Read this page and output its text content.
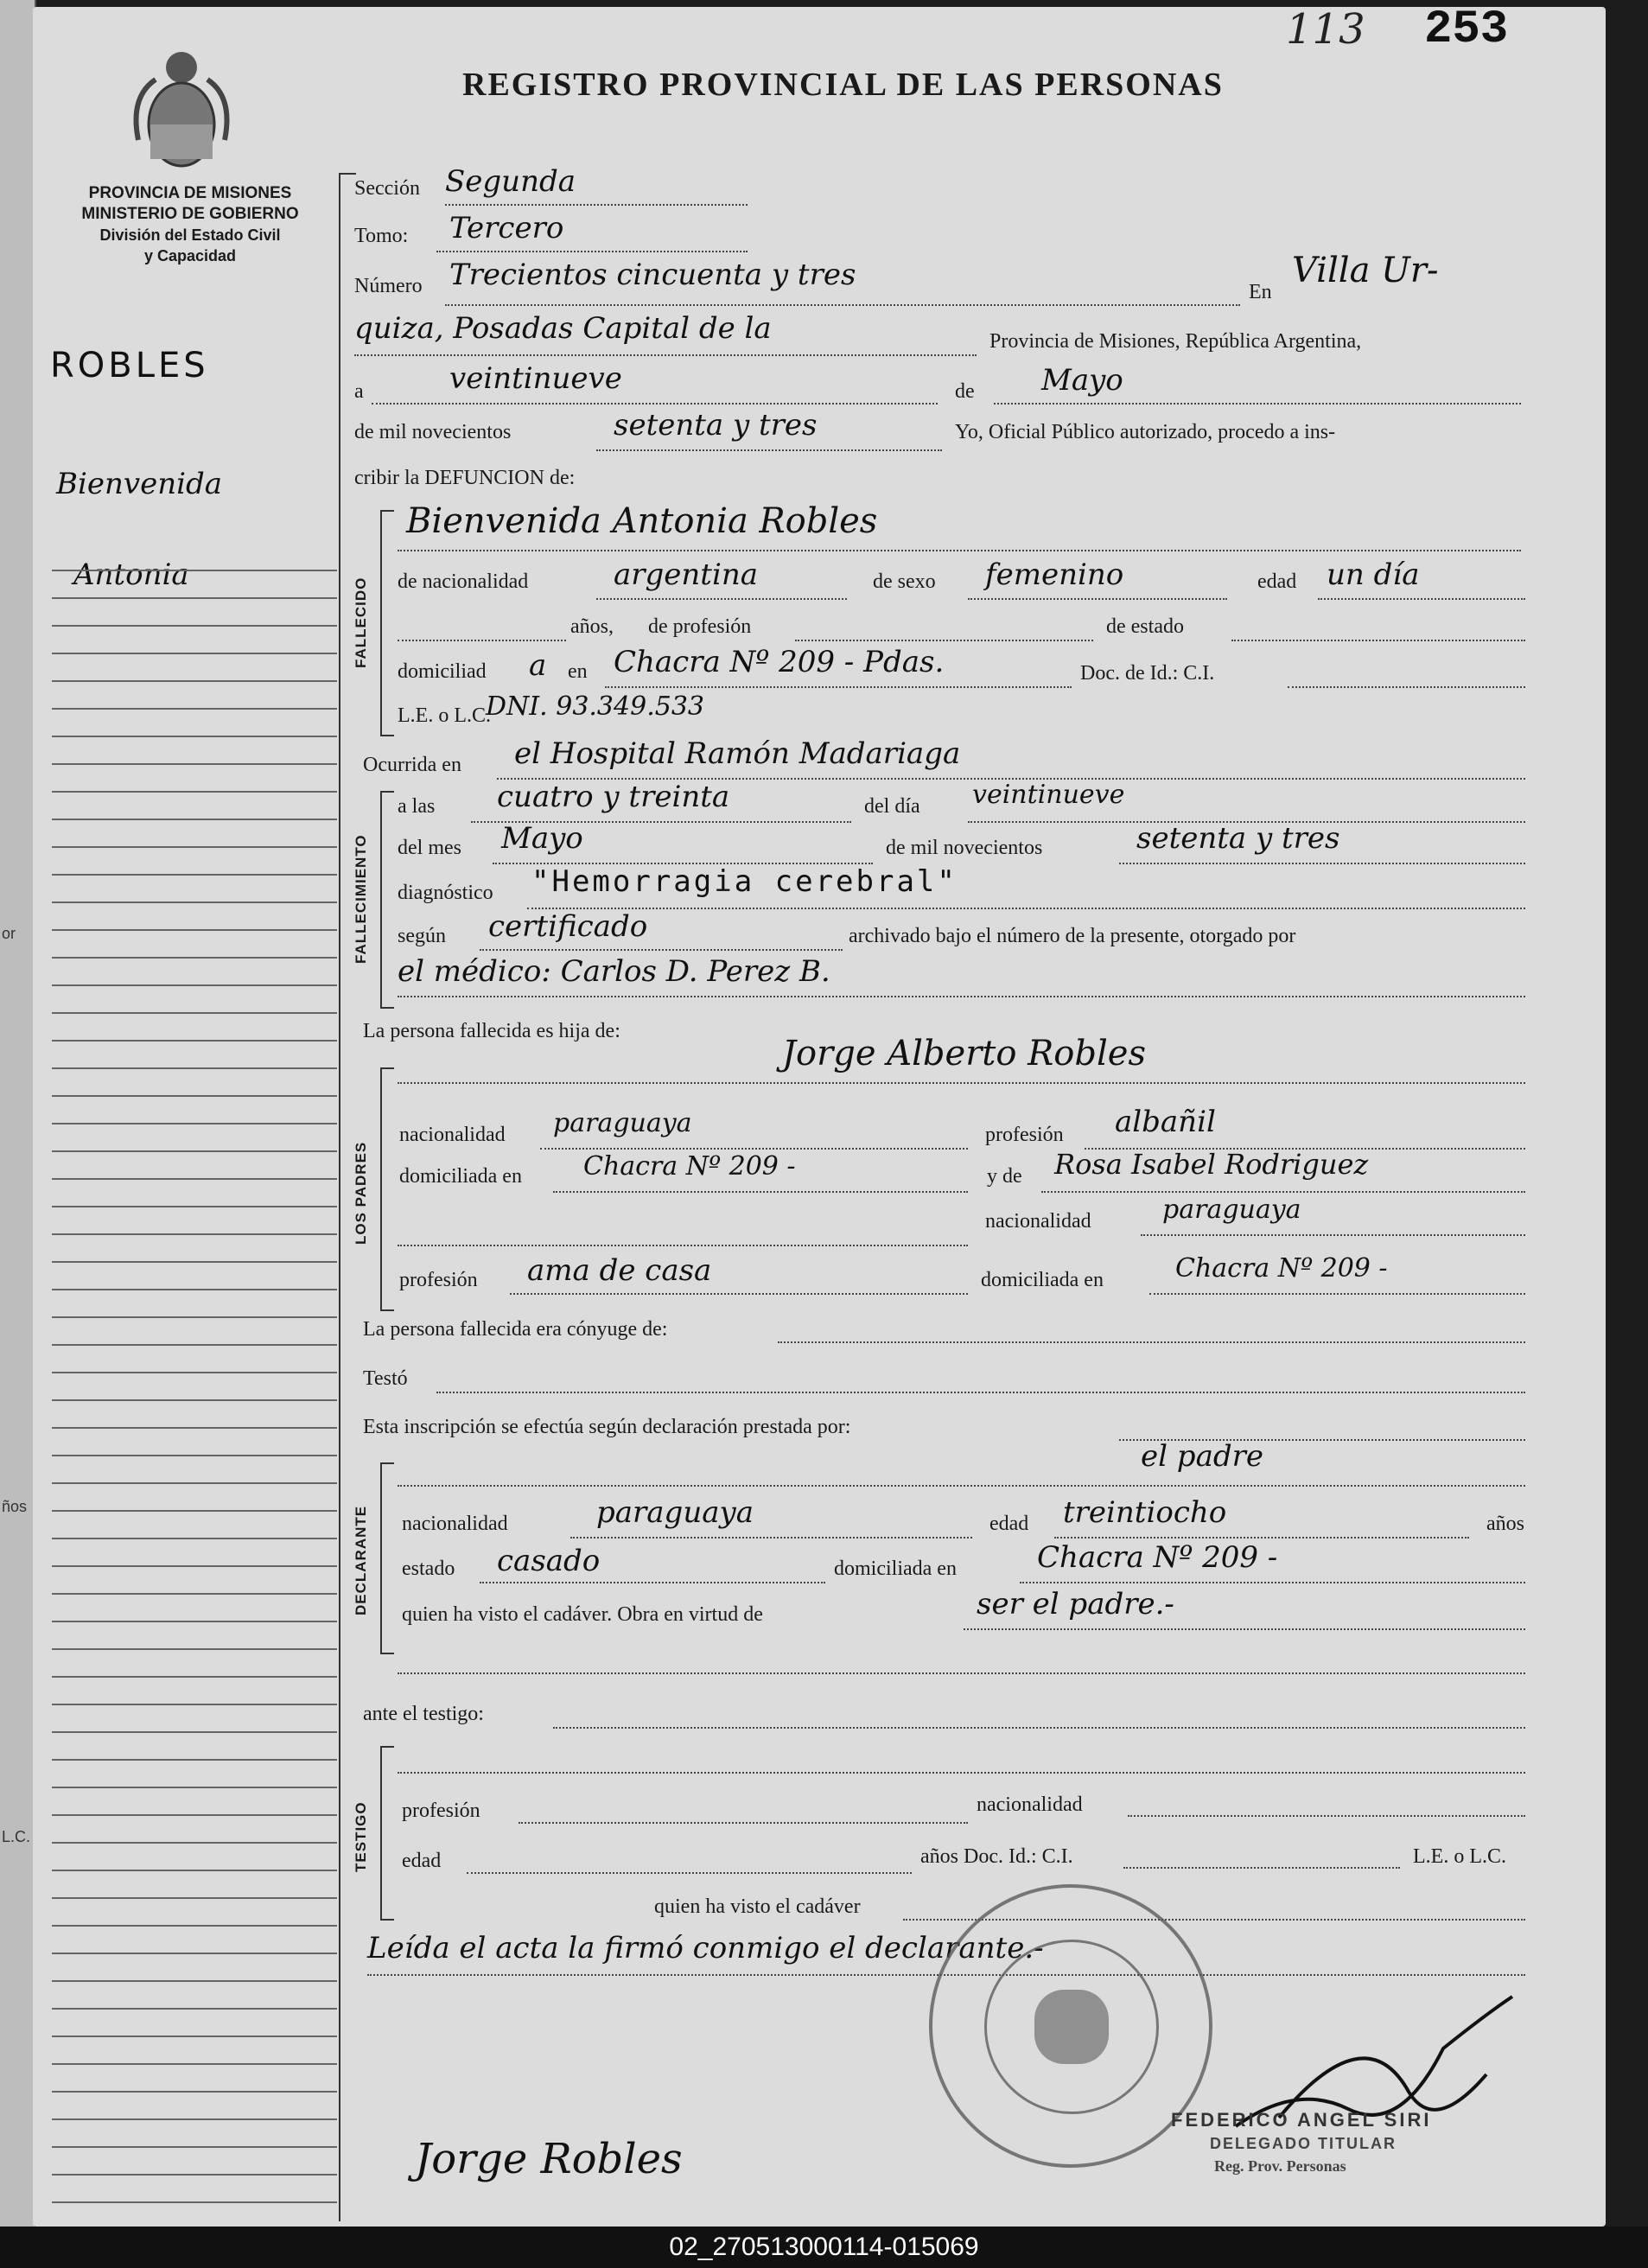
or
ños
L.C.
113 253
REGISTRO PROVINCIAL DE LAS PERSONAS
PROVINCIA DE MISIONES
MINISTERIO DE GOBIERNO
División del Estado Civil
y Capacidad
ROBLES
Bienvenida
Antonia
Sección Segunda
Tomo: Tercero
Número Trecientos cincuenta y tres	En
Villa Ur-
quiza, Posadas Capital de la	Provincia de Misiones, República Argentina,
a	veintinueve	de Mayo
de mil novecientos	setenta y tres	Yo, Oficial Público autorizado, procedo a ins-
cribir la DEFUNCION de:
FALLECIDO
Bienvenida Antonia Robles
de nacionalidad	argentina	de sexo femenino	edad un día
años, de profesión	de estado
domiciliad a en Chacra Nº 209 - Pdas.	Doc. de Id.: C.I.
L.E. o L.C.
DNI. 93.349.533
Ocurrida en el Hospital Ramón Madariaga
FALLECIMIENTO
a las cuatro y treinta	del día veintinueve
del mes Mayo	de mil novecientos	setenta y tres
diagnóstico "Hemorragia cerebral"
según certificado	archivado bajo el número de la presente, otorgado por
el médico: Carlos D. Perez B.
La persona fallecida es hija de:
LOS PADRES
Jorge Alberto Robles
nacionalidad paraguaya	profesión albañil
domiciliada en Chacra Nº 209 -	y de Rosa Isabel Rodriguez
nacionalidad	paraguaya
profesión ama de casa	domiciliada en	Chacra Nº 209 -
La persona fallecida era cónyuge de:
Testó
Esta inscripción se efectúa según declaración prestada por:
DECLARANTE
el padre
nacionalidad	paraguaya	edad treintiocho	años
estado casado	domiciliada en	Chacra Nº 209 -
quien ha visto el cadáver. Obra en virtud de	ser el padre.-
ante el testigo:
TESTIGO	profesión	nacionalidad
edad	años Doc. Id.: C.I.	L.E. o L.C.
quien ha visto el cadáver
Leída el acta la firmó conmigo el declarante.-
FEDERICO ANGEL SIRI
DELEGADO TITULAR
Reg. Prov. Personas
Jorge Robles
02_270513000114-015069
